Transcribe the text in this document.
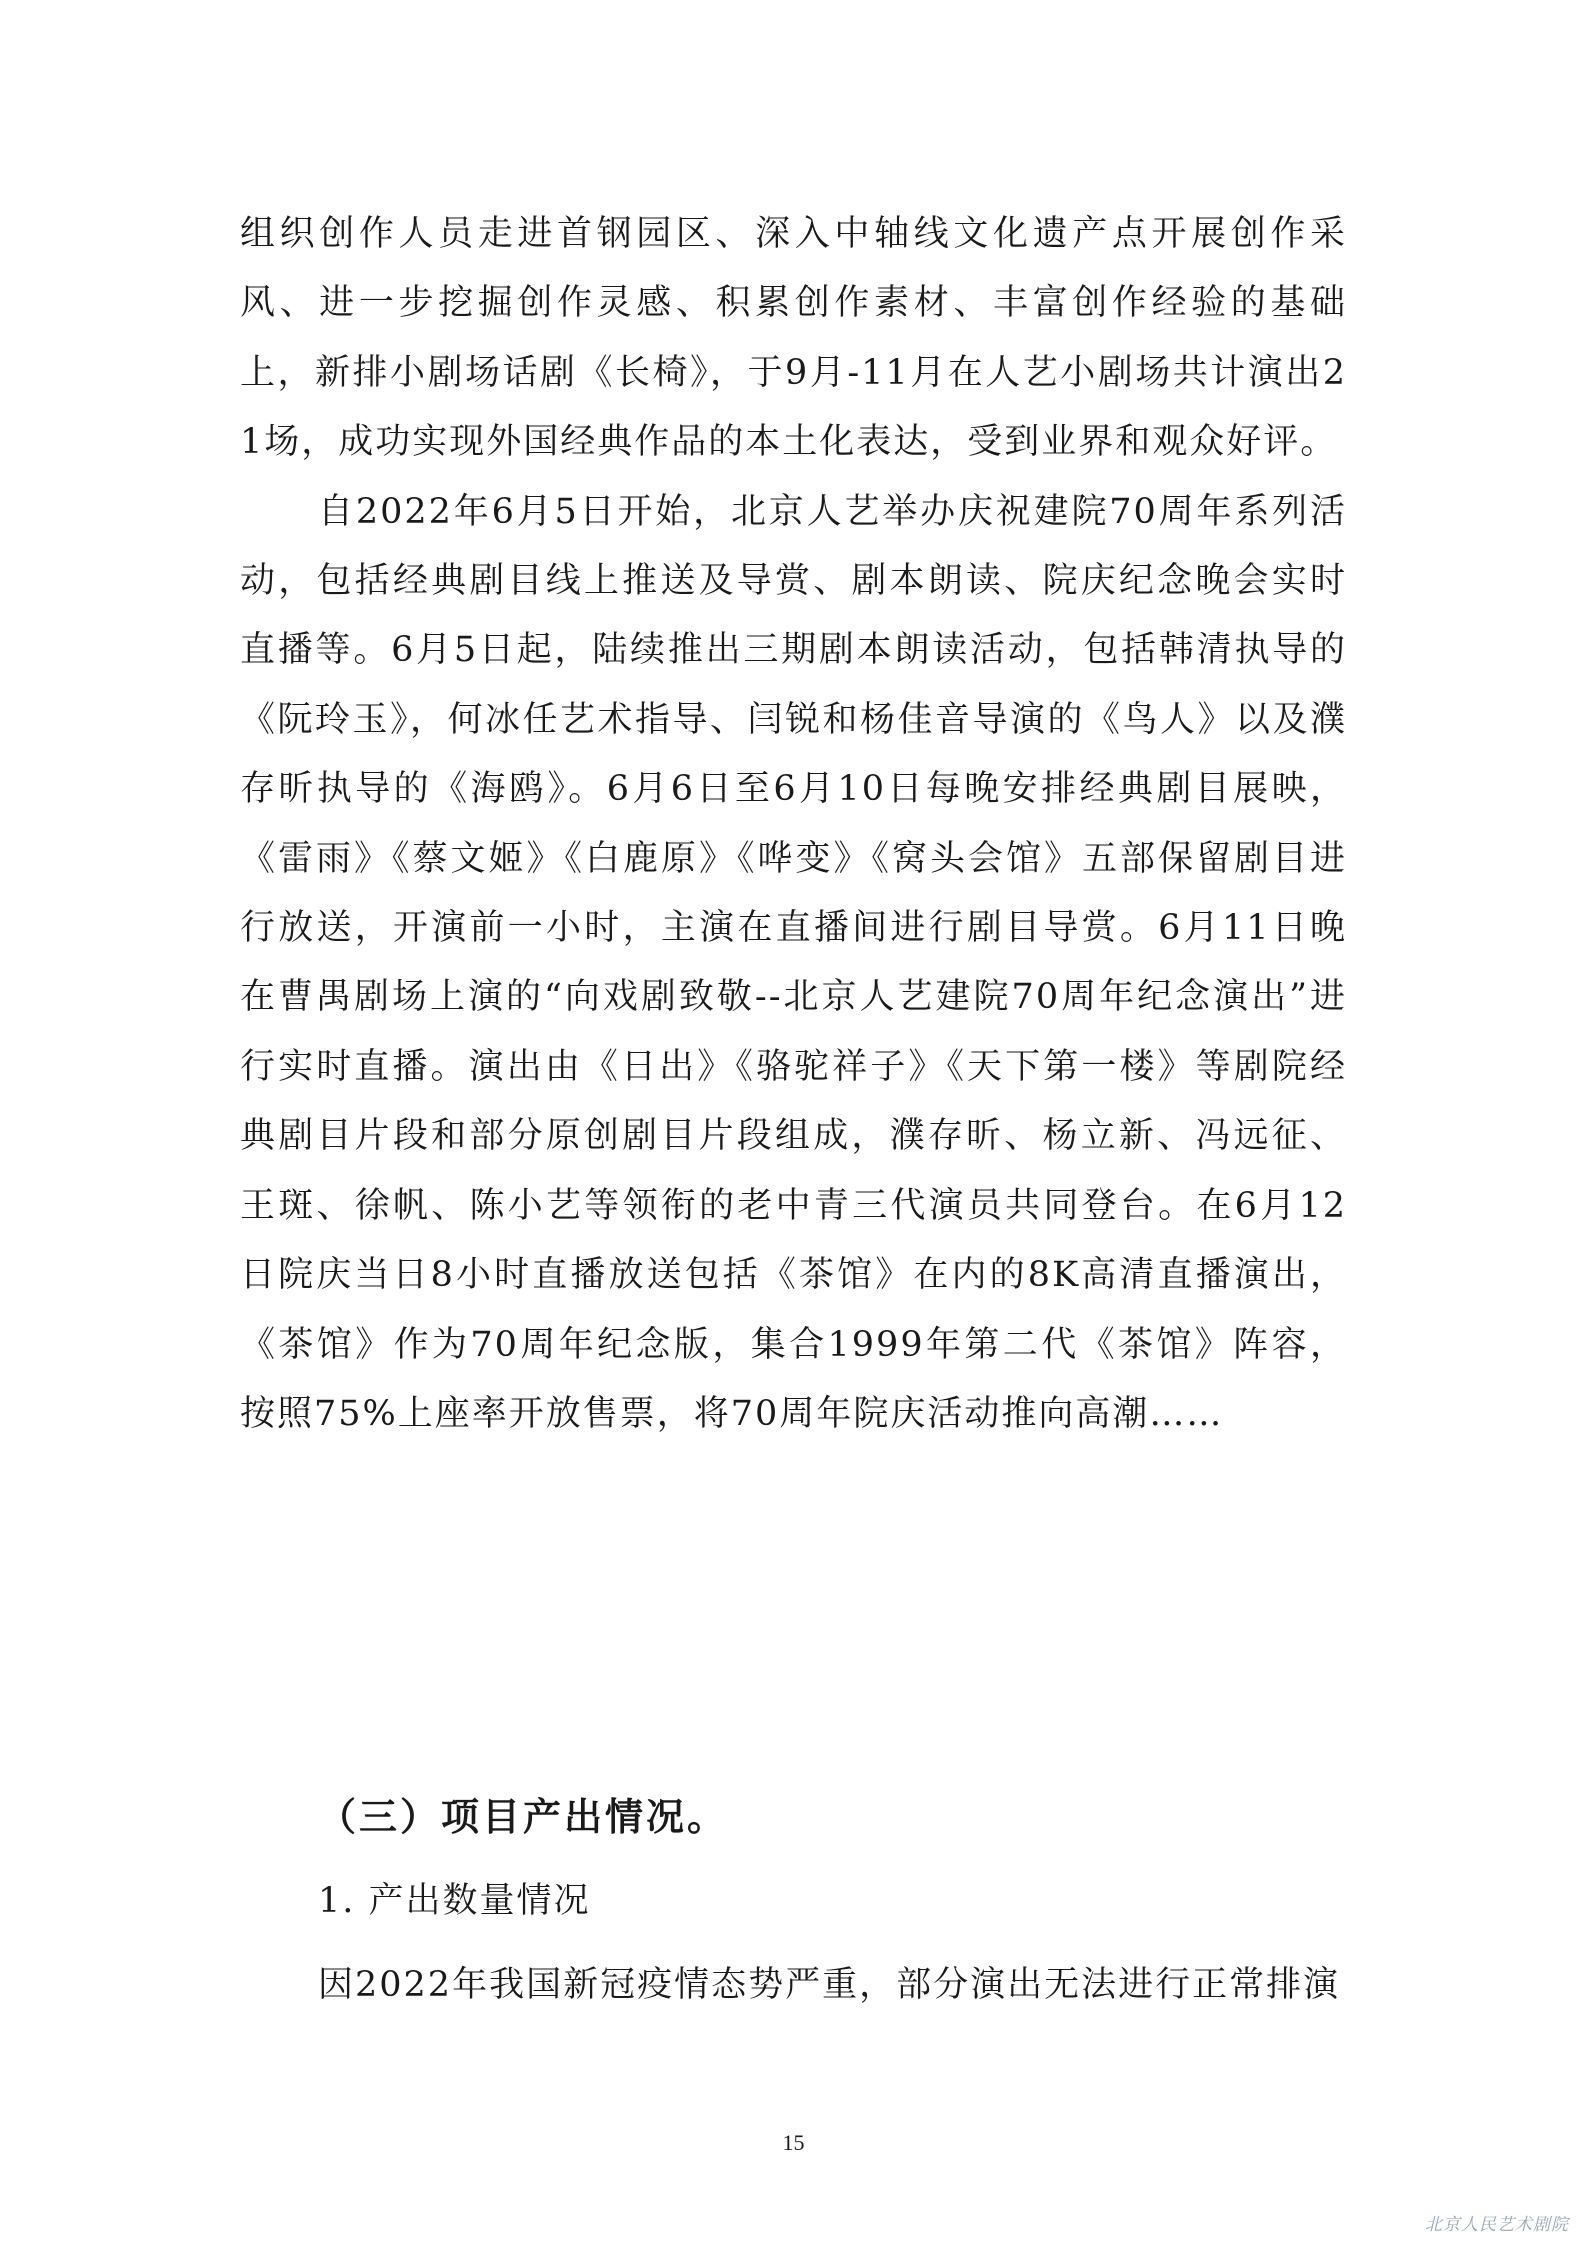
组织创作人员走进首钢园区、深入中轴线文化遗产点开展创作采风、进一步挖掘创作灵感、积累创作素材、丰富创作经验的基础上，新排小剧场话剧《长椅》，于9月-11月在人艺小剧场共计演出21场，成功实现外国经典作品的本土化表达，受到业界和观众好评。

自2022年6月5日开始，北京人艺举办庆祝建院70周年系列活动，包括经典剧目线上推送及导赏、剧本朗读、院庆纪念晚会实时直播等。6月5日起，陆续推出三期剧本朗读活动，包括韩清执导的《阮玲玉》，何冰任艺术指导、闫锐和杨佳音导演的《鸟人》以及濮存昕执导的《海鸥》。6月6日至6月10日每晚安排经典剧目展映，《雷雨》《蔡文姬》《白鹿原》《哗变》《窝头会馆》五部保留剧目进行放送，开演前一小时，主演在直播间进行剧目导赏。6月11日晚在曹禺剧场上演的“向戏剧致敬--北京人艺建院70周年纪念演出”进行实时直播。演出由《日出》《骆驼祥子》《天下第一楼》等剧院经典剧目片段和部分原创剧目片段组成，濮存昕、杨立新、冯远征、王斑、徐帆、陈小艺等领衔的老中青三代演员共同登台。在6月12日院庆当日8小时直播放送包括《茶馆》在内的8K高清直播演出，《茶馆》作为70周年纪念版，集合1999年第二代《茶馆》阵容，按照75%上座率开放售票，将70周年院庆活动推向高潮……

（三）项目产出情况。
1. 产出数量情况

因2022年我国新冠疫情态势严重，部分演出无法进行正常排演

15
北京人民艺术剧院
